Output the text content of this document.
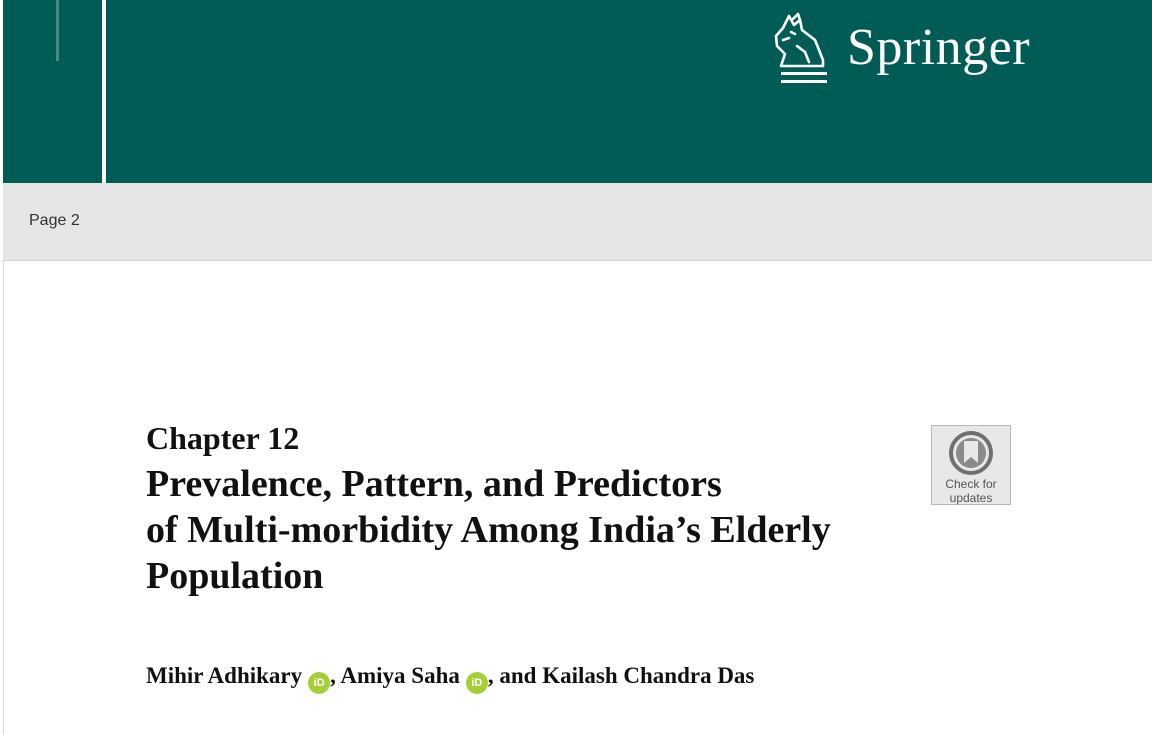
Springer
Page 2
Chapter 12
Prevalence, Pattern, and Predictors
of Multi-morbidity Among India’s Elderly
Population
Mihir Adhikary iD , Amiya Saha iD , and Kailash Chandra Das
Check for
updates
